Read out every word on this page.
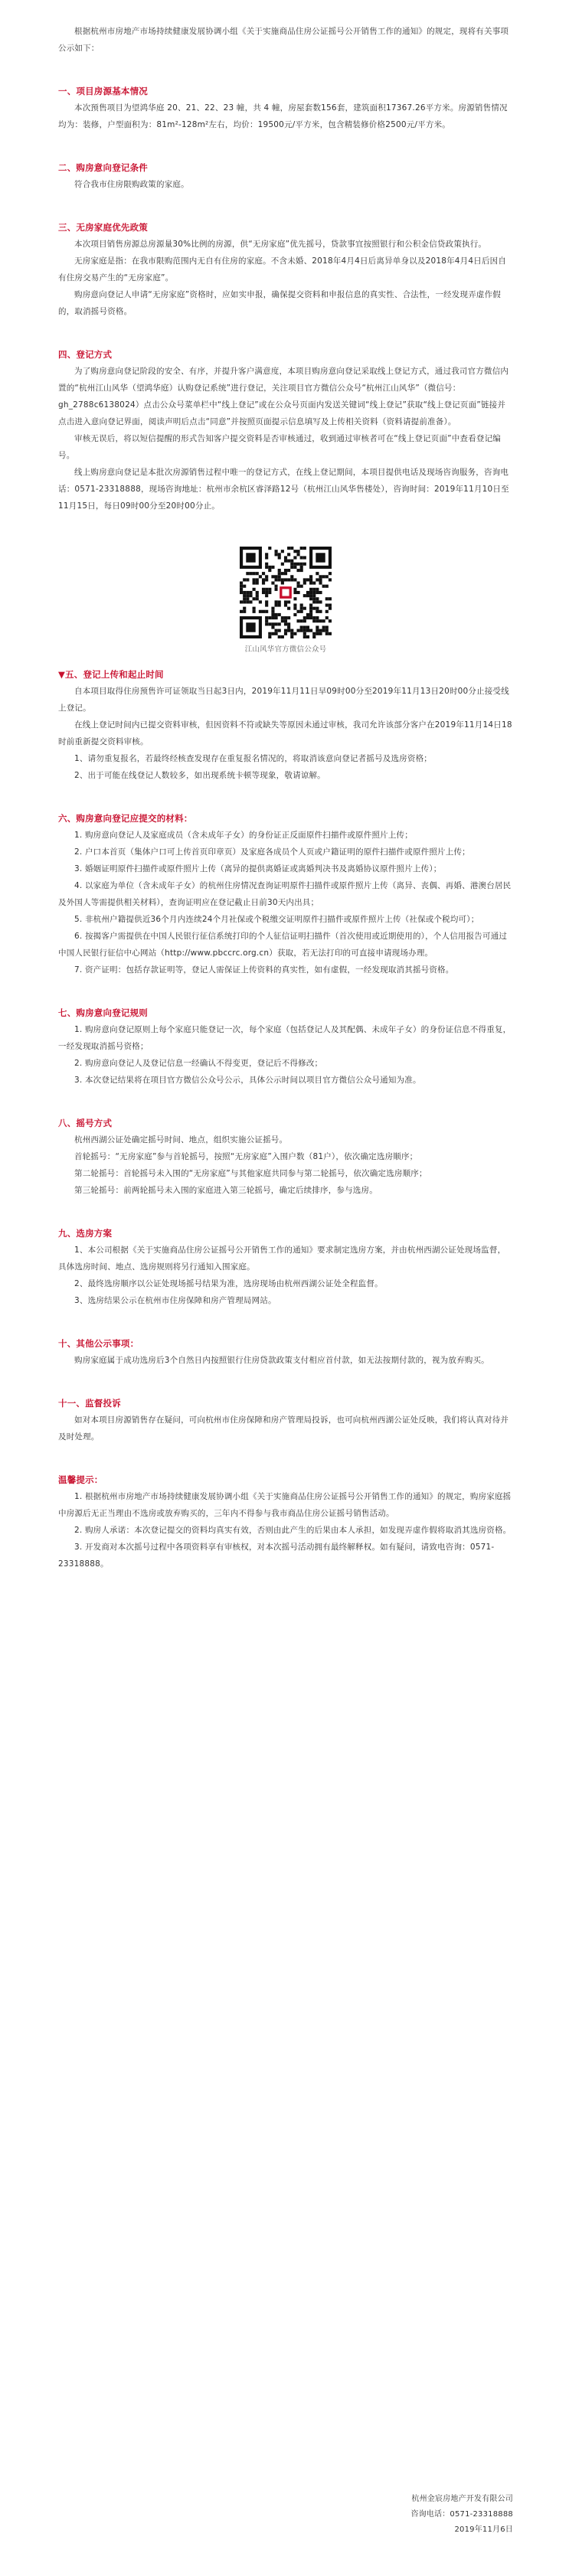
根据杭州市房地产市场持续健康发展协调小组《关于实施商品住房公证摇号公开销售工作的通知》的规定，现将有关事项公示如下：

一、项目房源基本情况

本次预售项目为望鸿华庭 20、21、22、23 幢，共 4 幢，房屋套数156套，建筑面积17367.26平方米。房源销售情况均为：装修，户型面积为：81m²-128m²左右，均价：19500元/平方米，包含精装修价格2500元/平方米。

二、购房意向登记条件

符合我市住房限购政策的家庭。

三、无房家庭优先政策

本次项目销售房源总房源量30%比例的房源，供“无房家庭”优先摇号，贷款事宜按照银行和公积金信贷政策执行。

无房家庭是指：在我市限购范围内无自有住房的家庭。不含未婚、2018年4月4日后离异单身以及2018年4月4日后因自有住房交易产生的“无房家庭”。

购房意向登记人申请“无房家庭”资格时，应如实申报，确保提交资料和申报信息的真实性、合法性，一经发现弄虚作假的，取消摇号资格。

四、登记方式

为了购房意向登记阶段的安全、有序，并提升客户满意度，本项目购房意向登记采取线上登记方式，通过我司官方微信内置的“杭州江山风华（望鸿华庭）认购登记系统”进行登记，关注项目官方微信公众号“杭州江山风华”（微信号：gh_2788c6138024）点击公众号菜单栏中“线上登记”或在公众号页面内发送关键词“线上登记”获取“线上登记页面”链接并点击进入意向登记界面，阅读声明后点击“同意”并按照页面提示信息填写及上传相关资料（资料请提前准备）。

审核无误后，将以短信提醒的形式告知客户提交资料是否审核通过，收到通过审核者可在“线上登记页面”中查看登记编号。

线上购房意向登记是本批次房源销售过程中唯一的登记方式，在线上登记期间，本项目提供电话及现场咨询服务，咨询电话：0571-23318888，现场咨询地址：杭州市余杭区睿泽路12号（杭州江山风华售楼处），咨询时间：2019年11月10日至11月15日，每日09时00分至20时00分止。

江山风华官方微信公众号

▼五、登记上传和起止时间

自本项目取得住房预售许可证领取当日起3日内，2019年11月11日早09时00分至2019年11月13日20时00分止接受线上登记。

在线上登记时间内已提交资料审核，但因资料不符或缺失等原因未通过审核，我司允许该部分客户在2019年11月14日18时前重新提交资料审核。

1、请勿重复报名，若最终经核查发现存在重复报名情况的，将取消该意向登记者摇号及选房资格；

2、出于可能在线登记人数较多，如出现系统卡顿等现象，敬请谅解。

六、购房意向登记应提交的材料：

1. 购房意向登记人及家庭成员（含未成年子女）的身份证正反面原件扫描件或原件照片上传；

2. 户口本首页（集体户口可上传首页印章页）及家庭各成员个人页或户籍证明的原件扫描件或原件照片上传；

3. 婚姻证明原件扫描件或原件照片上传（离异的提供离婚证或离婚判决书及离婚协议原件照片上传）；

4. 以家庭为单位（含未成年子女）的杭州住房情况查询证明原件扫描件或原件照片上传（离异、丧偶、再婚、港澳台居民及外国人等需提供相关材料），查询证明应在登记截止日前30天内出具；

5. 非杭州户籍提供近36个月内连续24个月社保或个税缴交证明原件扫描件或原件照片上传（社保或个税均可）；

6. 按揭客户需提供在中国人民银行征信系统打印的个人征信证明扫描件（首次使用或近期使用的），个人信用报告可通过中国人民银行征信中心网站（http://www.pbccrc.org.cn）获取，若无法打印的可直接申请现场办理。

7. 资产证明：包括存款证明等，登记人需保证上传资料的真实性，如有虚假，一经发现取消其摇号资格。

七、购房意向登记规则

1. 购房意向登记原则上每个家庭只能登记一次，每个家庭（包括登记人及其配偶、未成年子女）的身份证信息不得重复，一经发现取消摇号资格；

2. 购房意向登记人及登记信息一经确认不得变更，登记后不得修改；

3. 本次登记结果将在项目官方微信公众号公示，具体公示时间以项目官方微信公众号通知为准。

八、摇号方式

杭州西湖公证处确定摇号时间、地点，组织实施公证摇号。

首轮摇号：“无房家庭”参与首轮摇号，按照“无房家庭”入围户数（81户），依次确定选房顺序；

第二轮摇号：首轮摇号未入围的“无房家庭”与其他家庭共同参与第二轮摇号，依次确定选房顺序；

第三轮摇号：前两轮摇号未入围的家庭进入第三轮摇号，确定后续排序，参与选房。

九、选房方案

1、本公司根据《关于实施商品住房公证摇号公开销售工作的通知》要求制定选房方案，并由杭州西湖公证处现场监督，具体选房时间、地点、选房规则将另行通知入围家庭。

2、最终选房顺序以公证处现场摇号结果为准，选房现场由杭州西湖公证处全程监督。

3、选房结果公示在杭州市住房保障和房产管理局网站。

十、其他公示事项：

购房家庭属于成功选房后3个自然日内按照银行住房贷款政策支付相应首付款，如无法按期付款的，视为放弃购买。

十一、监督投诉

如对本项目房源销售存在疑问，可向杭州市住房保障和房产管理局投诉，也可向杭州西湖公证处反映，我们将认真对待并及时处理。

温馨提示：

1. 根据杭州市房地产市场持续健康发展协调小组《关于实施商品住房公证摇号公开销售工作的通知》的规定，购房家庭摇中房源后无正当理由不选房或放弃购买的，三年内不得参与我市商品住房公证摇号销售活动。

2. 购房人承诺：本次登记提交的资料均真实有效，否则由此产生的后果由本人承担，如发现弄虚作假将取消其选房资格。

3. 开发商对本次摇号过程中各项资料享有审核权，对本次摇号活动拥有最终解释权。如有疑问，请致电咨询：0571-23318888。

杭州金宸房地产开发有限公司

咨询电话：0571-23318888

2019年11月6日
